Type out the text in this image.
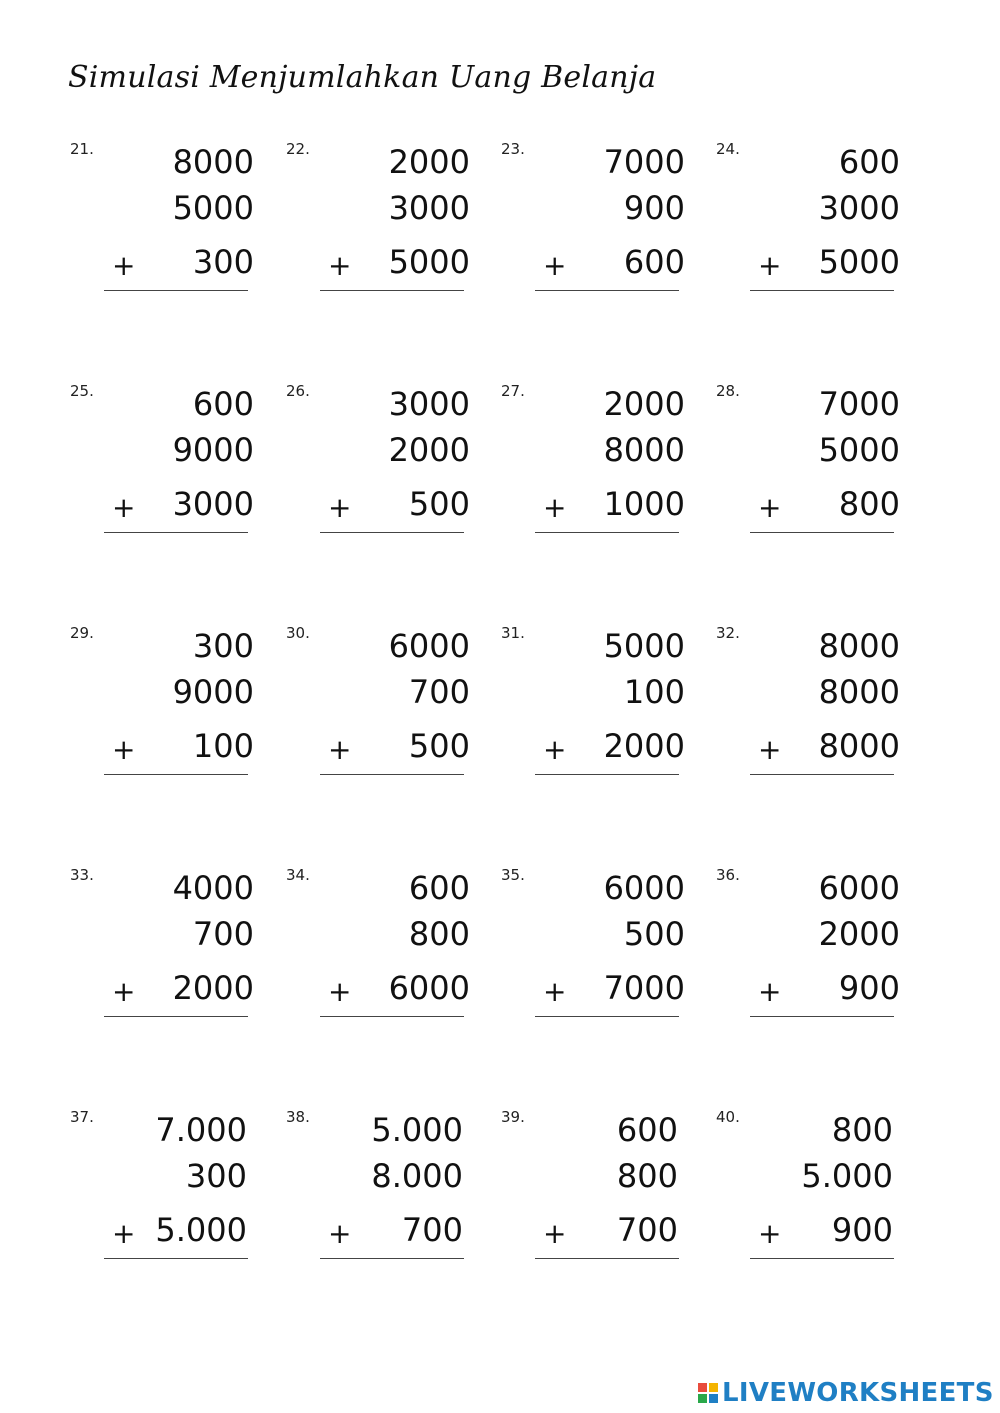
Simulasi Menjumlahkan Uang Belanja
21.	8000
5000
+	300
22.	2000
3000
+	5000
23.	7000
900
+	600
24.	600
3000
+	5000
25.	600
9000
+	3000
26.	3000
2000
+	500
27.	2000
8000
+	1000
28.	7000
5000
+	800
29.	300
9000
+	100
30.	6000
700
+	500
31.	5000
100
+	2000
32.	8000
8000
+	8000
33.	4000
700
+	2000
34.	600
800
+	6000
35.	6000
500
+	7000
36.	6000
2000
+	900
37.	7.000
300
+ 5.000
38.	5.000
8.000
+	700
39.	600
800
+	700
40.	800
5.000
+	900
LIVEWORKSHEETS
